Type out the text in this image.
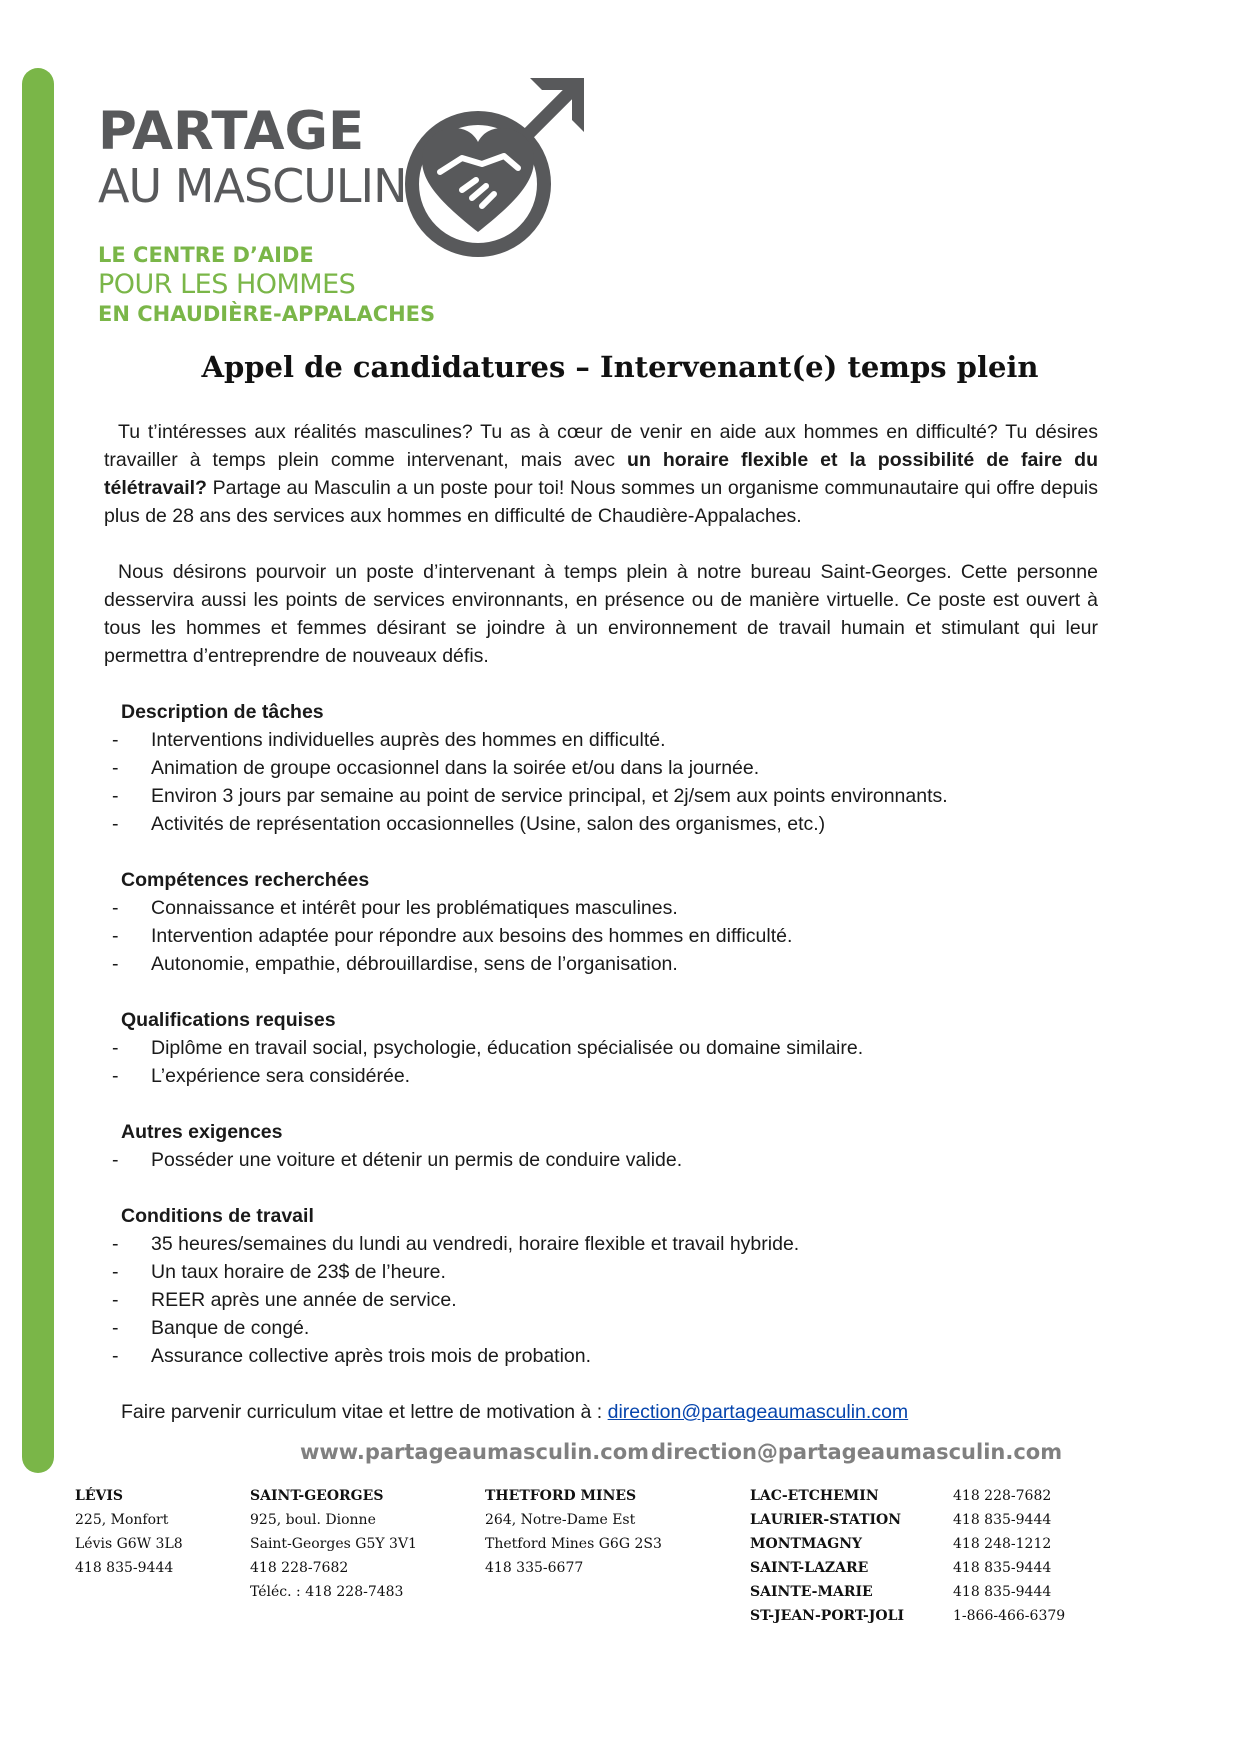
PARTAGE
AU MASCULIN
LE CENTRE D’AIDE
POUR LES HOMMES
EN CHAUDIÈRE-APPALACHES
Appel de candidatures – Intervenant(e) temps plein

Tu t’intéresses aux réalités masculines? Tu as à cœur de venir en aide aux hommes en difficulté? Tu désires travailler à temps plein comme intervenant, mais avec un horaire flexible et la possibilité de faire du télétravail? Partage au Masculin a un poste pour toi! Nous sommes un organisme communautaire qui offre depuis plus de 28 ans des services aux hommes en difficulté de Chaudière-Appalaches.

Nous désirons pourvoir un poste d’intervenant à temps plein à notre bureau Saint-Georges. Cette personne desservira aussi les points de services environnants, en présence ou de manière virtuelle. Ce poste est ouvert à tous les hommes et femmes désirant se joindre à un environnement de travail humain et stimulant qui leur permettra d’entreprendre de nouveaux défis.

Description de tâches

- Interventions individuelles auprès des hommes en difficulté.
- Animation de groupe occasionnel dans la soirée et/ou dans la journée.
- Environ 3 jours par semaine au point de service principal, et 2j/sem aux points environnants.
- Activités de représentation occasionnelles (Usine, salon des organismes, etc.)

Compétences recherchées

- Connaissance et intérêt pour les problématiques masculines.
- Intervention adaptée pour répondre aux besoins des hommes en difficulté.
- Autonomie, empathie, débrouillardise, sens de l’organisation.

Qualifications requises

- Diplôme en travail social, psychologie, éducation spécialisée ou domaine similaire.
- L’expérience sera considérée.

Autres exigences

- Posséder une voiture et détenir un permis de conduire valide.

Conditions de travail

- 35 heures/semaines du lundi au vendredi, horaire flexible et travail hybride.
- Un taux horaire de 23$ de l’heure.
- REER après une année de service.
- Banque de congé.
- Assurance collective après trois mois de probation.

Faire parvenir curriculum vitae et lettre de motivation à : direction@partageaumasculin.com

www.partageaumasculin.com direction@partageaumasculin.com
LÉVIS
225, Monfort
Lévis G6W 3L8
418 835-9444
SAINT-GEORGES
925, boul. Dionne
Saint-Georges G5Y 3V1
418 228-7682
Téléc. : 418 228-7483
THETFORD MINES
264, Notre-Dame Est
Thetford Mines G6G 2S3
418 335-6677
LAC-ETCHEMIN	418 228-7682
LAURIER-STATION	418 835-9444
MONTMAGNY	418 248-1212
SAINT-LAZARE	418 835-9444
SAINTE-MARIE	418 835-9444
ST-JEAN-PORT-JOLI	1-866-466-6379
